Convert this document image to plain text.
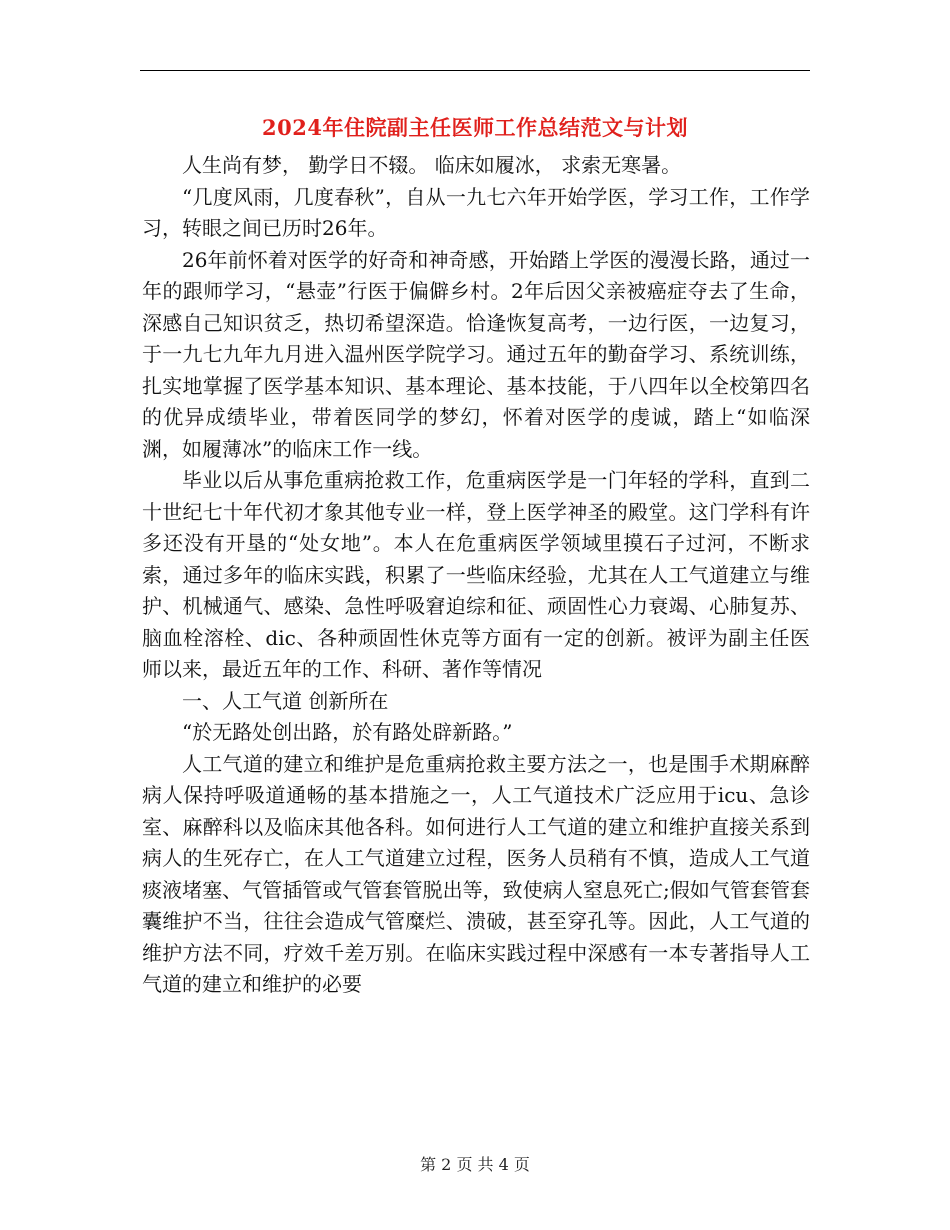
2024年住院副主任医师工作总结范文与计划

人生尚有梦， 勤学日不辍。 临床如履冰， 求索无寒暑。

“几度风雨，几度春秋”，自从一九七六年开始学医，学习工作，工作学习，转眼之间已历时26年。

26年前怀着对医学的好奇和神奇感，开始踏上学医的漫漫长路，通过一年的跟师学习，“悬壶”行医于偏僻乡村。2年后因父亲被癌症夺去了生命，深感自己知识贫乏，热切希望深造。恰逢恢复高考，一边行医，一边复习，于一九七九年九月进入温州医学院学习。通过五年的勤奋学习、系统训练，扎实地掌握了医学基本知识、基本理论、基本技能，于八四年以全校第四名的优异成绩毕业，带着医同学的梦幻，怀着对医学的虔诚，踏上“如临深渊，如履薄冰”的临床工作一线。

毕业以后从事危重病抢救工作，危重病医学是一门年轻的学科，直到二十世纪七十年代初才象其他专业一样，登上医学神圣的殿堂。这门学科有许多还没有开垦的“处女地”。本人在危重病医学领域里摸石子过河，不断求索，通过多年的临床实践，积累了一些临床经验，尤其在人工气道建立与维护、机械通气、感染、急性呼吸窘迫综和征、顽固性心力衰竭、心肺复苏、脑血栓溶栓、dic、各种顽固性休克等方面有一定的创新。被评为副主任医师以来，最近五年的工作、科研、著作等情况

一、人工气道 创新所在

“於无路处创出路，於有路处辟新路。”

人工气道的建立和维护是危重病抢救主要方法之一，也是围手术期麻醉病人保持呼吸道通畅的基本措施之一，人工气道技术广泛应用于icu、急诊室、麻醉科以及临床其他各科。如何进行人工气道的建立和维护直接关系到病人的生死存亡，在人工气道建立过程，医务人员稍有不慎，造成人工气道痰液堵塞、气管插管或气管套管脱出等，致使病人窒息死亡;假如气管套管套囊维护不当，往往会造成气管糜烂、溃破，甚至穿孔等。因此，人工气道的维护方法不同，疗效千差万别。在临床实践过程中深感有一本专著指导人工气道的建立和维护的必要

第 2 页 共 4 页
